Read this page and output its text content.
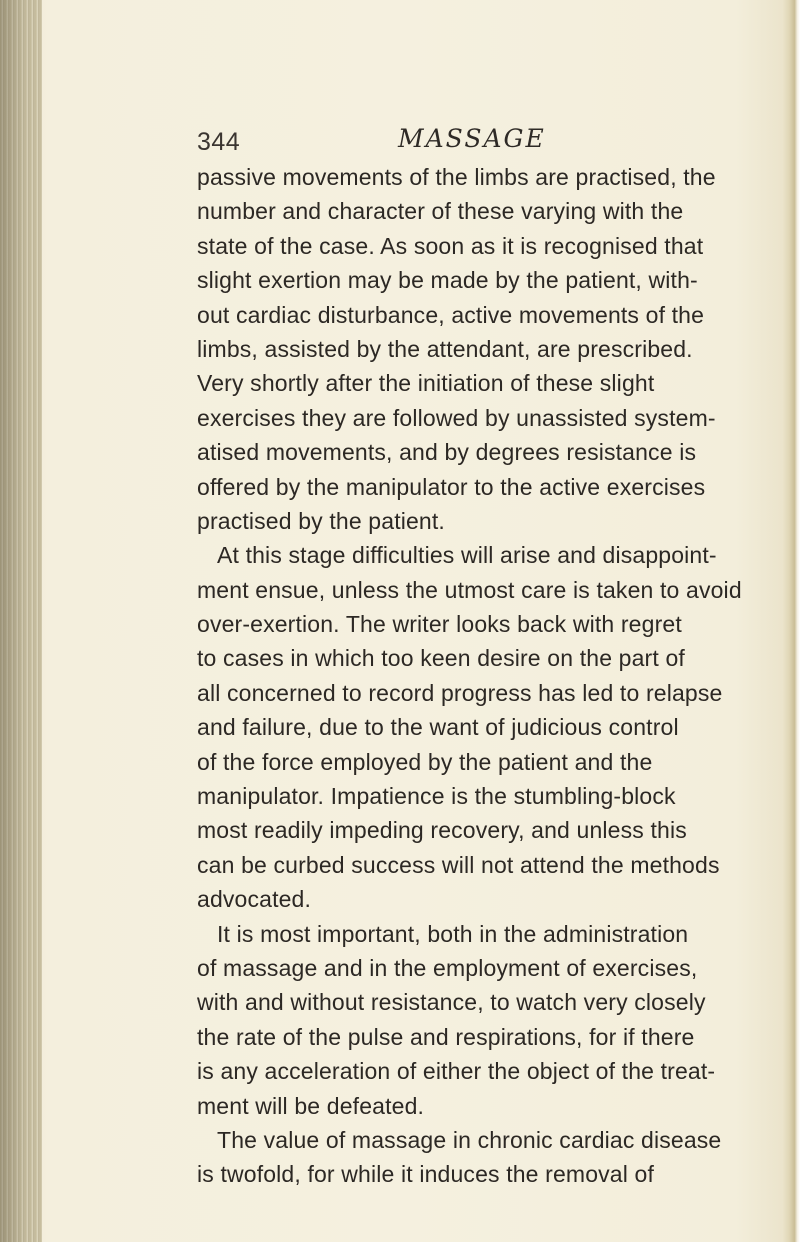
344	MASSAGE
passive movements of the limbs are practised, the
number and character of these varying with the
state of the case. As soon as it is recognised that
slight exertion may be made by the patient, with-
out cardiac disturbance, active movements of the
limbs, assisted by the attendant, are prescribed.
Very shortly after the initiation of these slight
exercises they are followed by unassisted system-
atised movements, and by degrees resistance is
offered by the manipulator to the active exercises
practised by the patient.
At this stage difficulties will arise and disappoint-
ment ensue, unless the utmost care is taken to avoid
over-exertion. The writer looks back with regret
to cases in which too keen desire on the part of
all concerned to record progress has led to relapse
and failure, due to the want of judicious control
of the force employed by the patient and the
manipulator. Impatience is the stumbling-block
most readily impeding recovery, and unless this
can be curbed success will not attend the methods
advocated.
It is most important, both in the administration
of massage and in the employment of exercises,
with and without resistance, to watch very closely
the rate of the pulse and respirations, for if there
is any acceleration of either the object of the treat-
ment will be defeated.
The value of massage in chronic cardiac disease
is twofold, for while it induces the removal of
